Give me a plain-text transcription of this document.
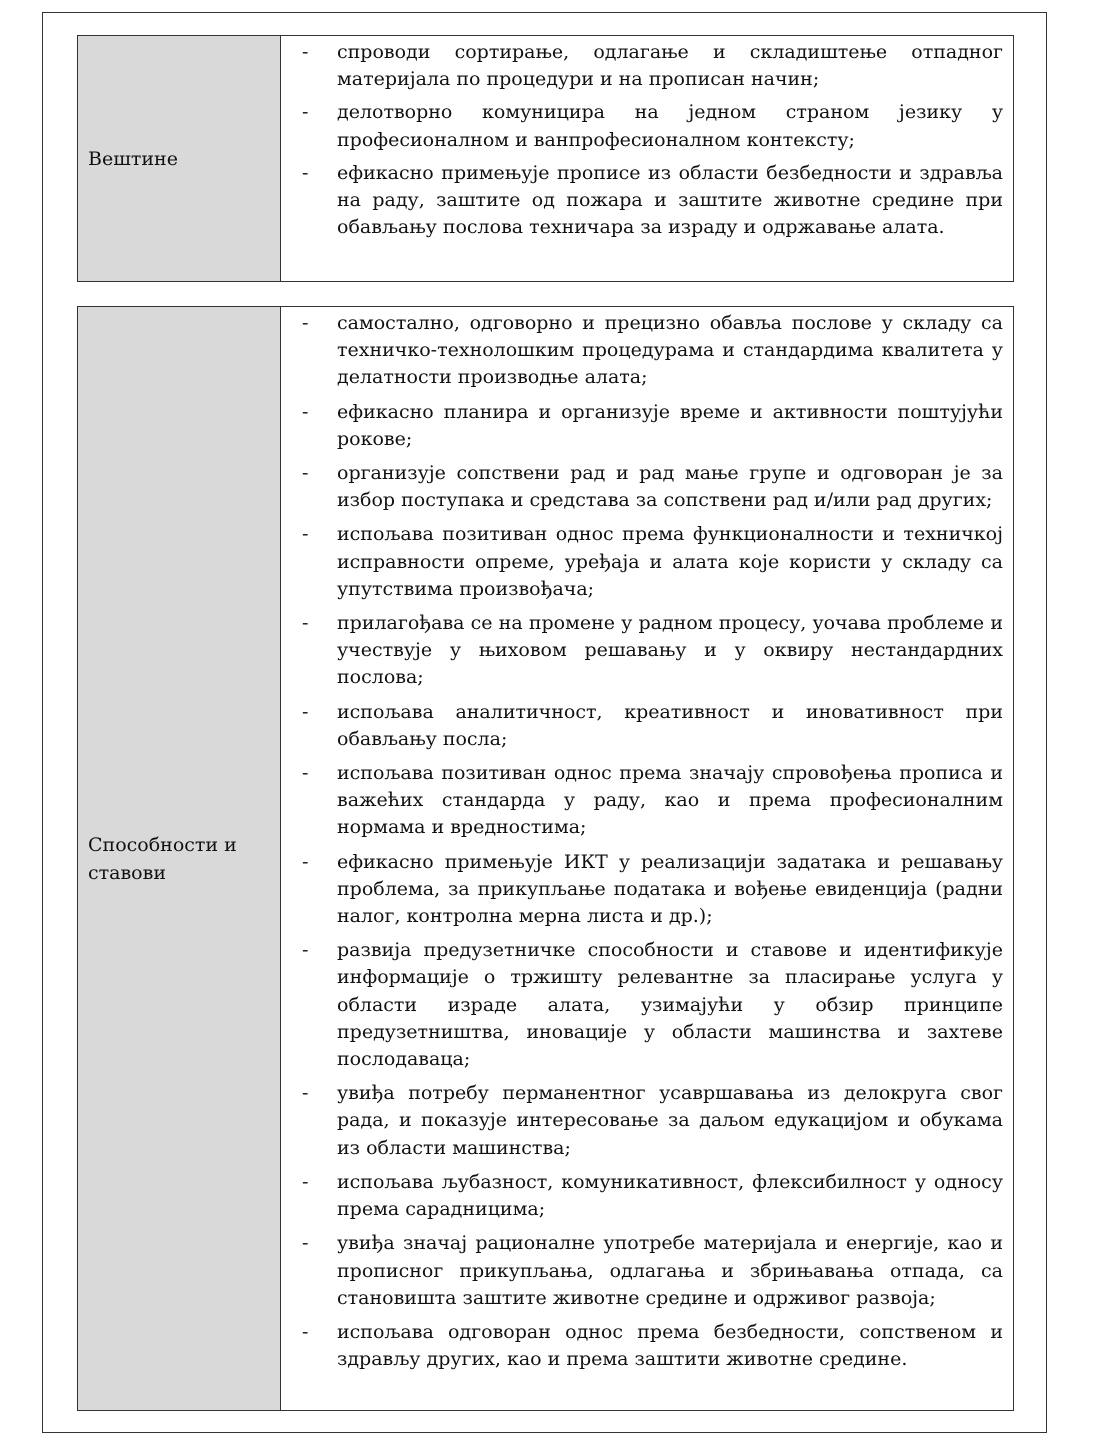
Вештине
- спроводи сортирање, одлагање и складиштење отпадног материјала по процедури и на прописан начин;
- делотворно комуницира на једном страном језику у професионалном и ванпрофесионалном контексту;
- ефикасно примењује прописе из области безбедности и здравља на раду, заштите од пожара и заштите животне средине при обављању послова техничара за израду и одржавање алата.
Способности и ставови
- самостално, одговорно и прецизно обавља послове у складу са техничко-технолошким процедурама и стандардима квалитета у делатности производње алата;
- ефикасно планира и организује време и активности поштујући рокове;
- организује сопствени рад и рад мање групе и одговоран је за избор поступака и средстава за сопствени рад и/или рад других;
- испољава позитиван однос према функционалности и техничкој исправности опреме, уређаја и алата које користи у складу са упутствима произвођача;
- прилагођава се на промене у радном процесу, уочава проблеме и учествује у њиховом решавању и у оквиру нестандардних послова;
- испољава аналитичност, креативност и иновативност при обављању посла;
- испољава позитиван однос према значају спровођења прописа и важећих стандарда у раду, као и према професионалним нормама и вредностима;
- ефикасно примењује ИКТ у реализацији задатака и решавању проблема, за прикупљање података и вођење евиденција (радни налог, контролна мерна листа и др.);
- развија предузетничке способности и ставове и идентификује информације о тржишту релевантне за пласирање услуга у области израде алата, узимајући у обзир принципе предузетништва, иновације у области машинства и захтеве послодаваца;
- увиђа потребу перманентног усавршавања из делокруга свог рада, и показује интересовање за даљом едукацијом и обукама из области машинства;
- испољава љубазност, комуникативност, флексибилност у односу према сарадницима;
- увиђа значај рационалне употребе материјала и енергије, као и прописног прикупљања, одлагања и збрињавања отпада, са становишта заштите животне средине и одрживог развоја;
- испољава одговоран однос према безбедности, сопственом и здрављу других, као и према заштити животне средине.
